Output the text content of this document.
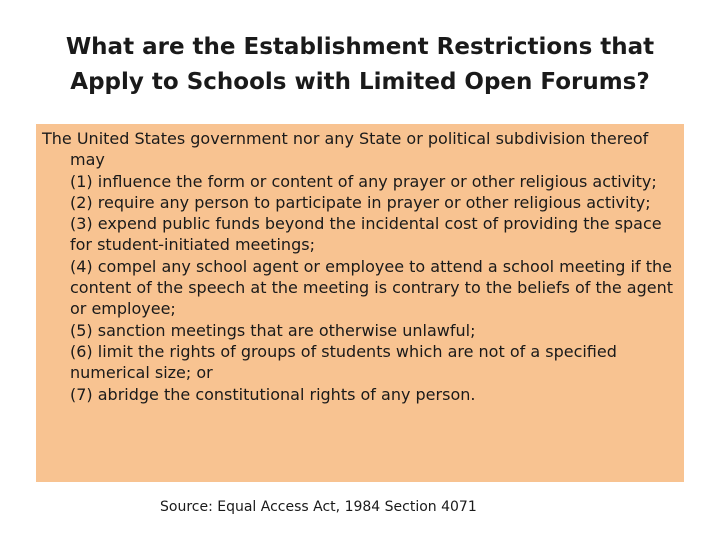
What are the Establishment Restrictions that
Apply to Schools with Limited Open Forums?

The United States government nor any State or political subdivision thereof may

(1) influence the form or content of any prayer or other religious activity;
(2) require any person to participate in prayer or other religious activity;
(3) expend public funds beyond the incidental cost of providing the space for student-initiated meetings;
(4) compel any school agent or employee to attend a school meeting if the content of the speech at the meeting is contrary to the beliefs of the agent or employee;
(5) sanction meetings that are otherwise unlawful;
(6) limit the rights of groups of students which are not of a specified numerical size; or
(7) abridge the constitutional rights of any person.
Source: Equal Access Act, 1984 Section 4071
